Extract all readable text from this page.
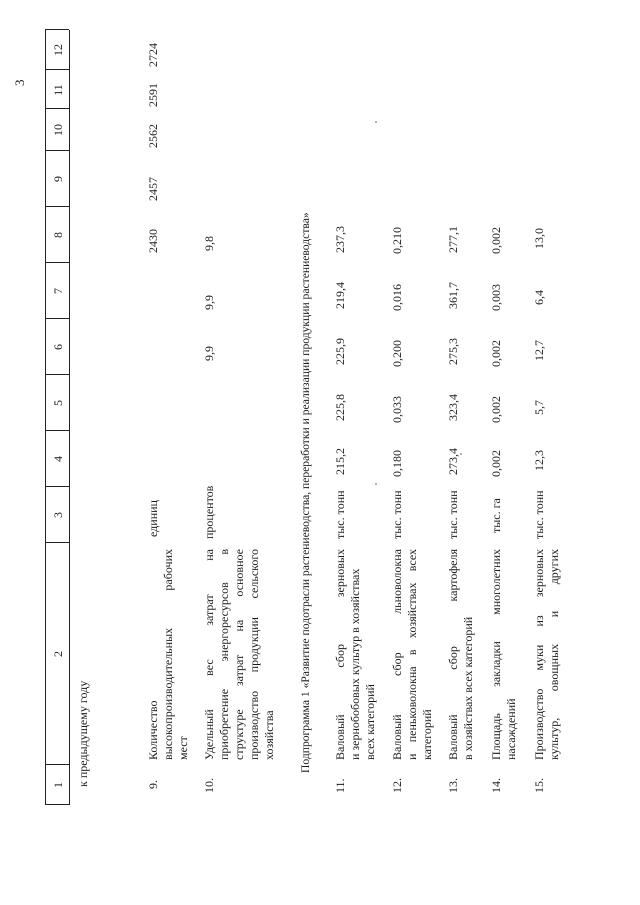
3
1
2
3
4
5
6
7
8
9
10
11
12
к предыдущему году	9.
Количество высокопроизводительных рабочих мест
единиц
2430
2457
2562
2591
2724
10.
Удельный вес затрат на приобретение энергоресурсов в структуре затрат на основное производство продукции сельского хозяйства
процентов
9,9
9,9
9,8	Подпрограмма 1 «Развитие подотрасли растениеводства, переработки и реализации продукции растениеводства»
11.
Валовый сбор зерновых и зернобобовых культур в хозяйствах всех категорий
тыс. тонн
215,2
225,8
225,9
219,4
237,3
12.
Валовый сбор льноволокна и пеньковолокна в хозяйствах всех категорий
тыс. тонн
0,180
0,033
0,200
0,016
0,210
13.
Валовый сбор картофеля в хозяйствах всех категорий
тыс. тонн
273,4
323,4
275,3
361,7
277,1
14.
Площадь закладки многолетних насаждений
тыс. га
0,002
0,002
0,002
0,003
0,002
15.
Производство муки из зерновых культур, овощных и других
тыс. тонн
12,3
5,7
12,7
6,4
13,0
